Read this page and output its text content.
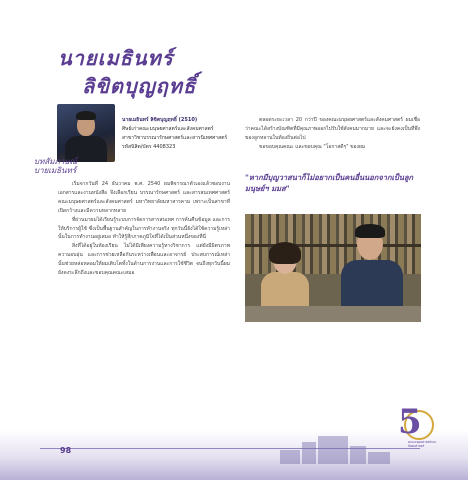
นายเมธินทร์
ลิขิตบุญฤทธิ์
บทสัมภาษณ์
บายเมธินทร์
นายเมธินทร์ ลิขิตบุญฤทธิ์ (2510)
ศิษย์เก่าคณะมนุษยศาสตร์และสังคมศาสตร์
สาขาวิชาบรรณารักษศาสตร์และสารนิเทศศาสตร์
รหัสนิสิต/บัตร 4408323

เริ่มจากวันที่ 24 ธันวาคม พ.ศ. 2540 ผมพิจารณาตัวเองแล้วชอบงานเอกสารและงานหนังสือ จึงเลือกเรียน บรรณารักษศาสตร์ และสารสนเทศศาสตร์ คณะมนุษยศาสตร์และสังคมศาสตร์ มหาวิทยาลัยมหาสารคาม เพราะเป็นสาขาที่เปิดกว้างและมีความหลากหลาย

ที่ผ่านมาผมได้เรียนรู้ระบบการจัดการสารสนเทศ การค้นคืนข้อมูล และการให้บริการผู้ใช้ ซึ่งเป็นพื้นฐานสำคัญในการทำงานจริง ทุกวันนี้ยังได้ใช้ความรู้เหล่านั้นในการทำงานอยู่เสมอ ทำให้รู้สึกภาคภูมิใจที่ได้เป็นส่วนหนึ่งของที่นี่

สิ่งที่ได้อยู่ในห้องเรียน ไม่ได้มีเพียงความรู้ทางวิชาการ แต่ยังมีมิตรภาพ ความอบอุ่น และการช่วยเหลือกันระหว่างเพื่อนและอาจารย์ ประสบการณ์เหล่านั้นช่วยหล่อหลอมให้ผมเติบโตทั้งในด้านการงานและการใช้ชีวิต จนถึงทุกวันนี้ผมยังคงระลึกถึงและขอบคุณคณะเสมอ

ตลอดระยะเวลา 20 กว่าปี ของคณะมนุษยศาสตร์และสังคมศาสตร์ ผมเชื่อว่าคณะได้สร้างบัณฑิตที่มีคุณภาพออกไปรับใช้สังคมมากมาย และจะยังคงเป็นที่พึ่งของลูกหลานในท้องถิ่นต่อไป

ขอขอบคุณคณะ และขอบคุณ "โอกาสดีๆ" ของผม

"หากมีบุญวาสนาก็ไม่อยากเป็นคนอื่นนอกจากเป็นลูกมนุษย์ฯ มมส"
98
5
คณะมนุษยศาสตร์และสังคมศาสตร์
